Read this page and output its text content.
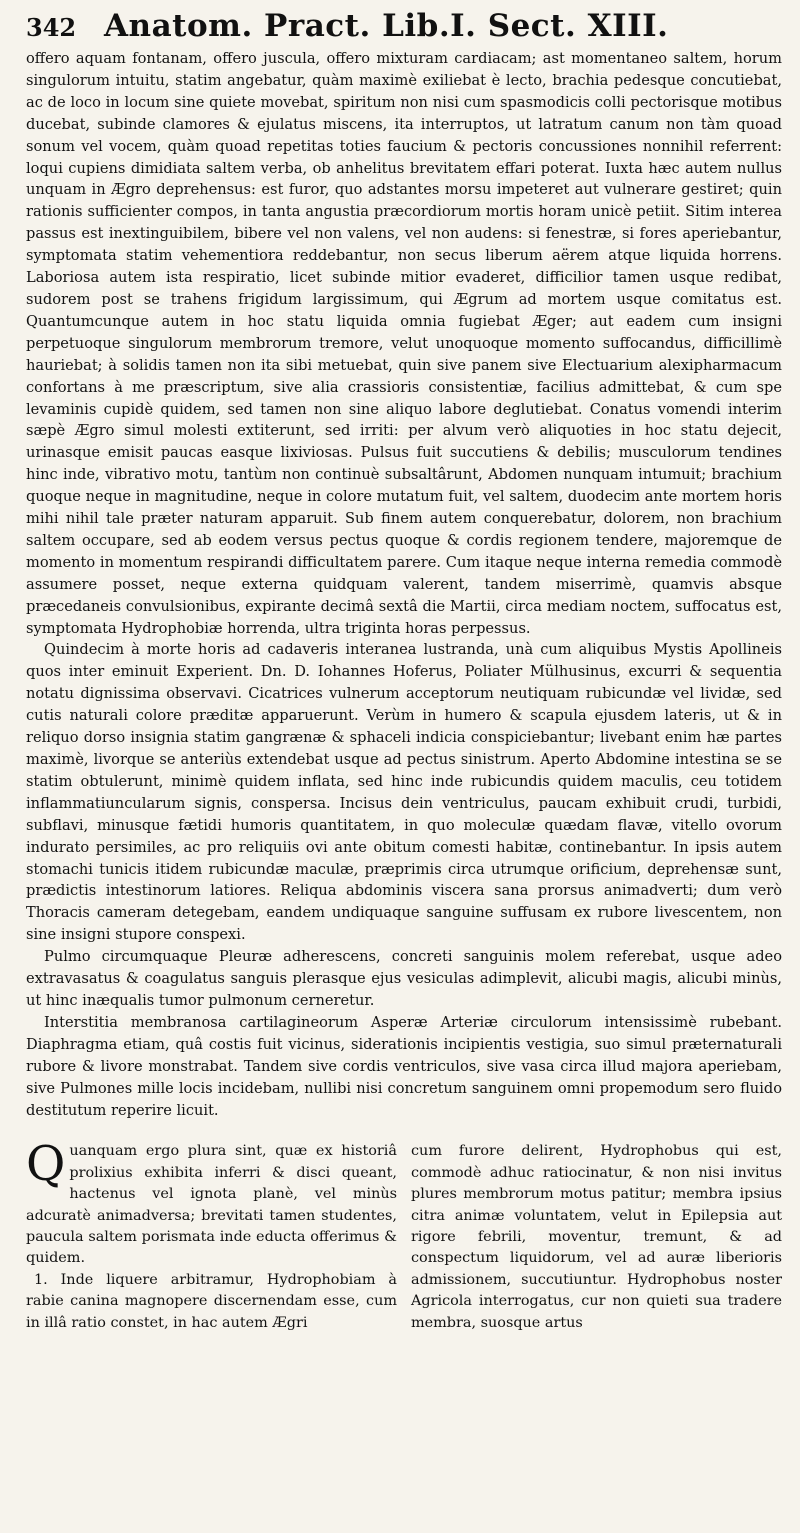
342 Anatom. Pract. Lib.I. Sect. XIII.

offero aquam fontanam, offero juscula, offero mixturam cardiacam; ast momentaneo saltem, horum singulorum intuitu, statim angebatur, quàm maximè exiliebat è lecto, brachia pedesque concutiebat, ac de loco in locum sine quiete movebat, spiritum non nisi cum spasmodicis colli pectorisque motibus ducebat, subinde clamores & ejulatus miscens, ita interruptos, ut latratum canum non tàm quoad sonum vel vocem, quàm quoad repetitas toties faucium & pectoris concussiones nonnihil referrent: loqui cupiens dimidiata saltem verba, ob anhelitus brevitatem effari poterat. Iuxta hæc autem nullus unquam in Ægro deprehensus: est furor, quo adstantes morsu impeteret aut vulnerare gestiret; quin rationis sufficienter compos, in tanta angustia præcordiorum mortis horam unicè petiit. Sitim interea passus est inextinguibilem, bibere vel non valens, vel non audens: si fenestræ, si fores aperiebantur, symptomata statim vehementiora reddebantur, non secus liberum aërem atque liquida horrens. Laboriosa autem ista respiratio, licet subinde mitior evaderet, difficilior tamen usque redibat, sudorem post se trahens frigidum largissimum, qui Ægrum ad mortem usque comitatus est. Quantumcunque autem in hoc statu liquida omnia fugiebat Æger; aut eadem cum insigni perpetuoque singulorum membrorum tremore, velut unoquoque momento suffocandus, difficillimè hauriebat; à solidis tamen non ita sibi metuebat, quin sive panem sive Electuarium alexipharmacum confortans à me præscriptum, sive alia crassioris consistentiæ, facilius admittebat, & cum spe levaminis cupidè quidem, sed tamen non sine aliquo labore deglutiebat. Conatus vomendi interim sæpè Ægro simul molesti extiterunt, sed irriti: per alvum verò aliquoties in hoc statu dejecit, urinasque emisit paucas easque lixiviosas. Pulsus fuit succutiens & debilis; musculorum tendines hinc inde, vibrativo motu, tantùm non continuè subsaltârunt, Abdomen nunquam intumuit; brachium quoque neque in magnitudine, neque in colore mutatum fuit, vel saltem, duodecim ante mortem horis mihi nihil tale præter naturam apparuit. Sub finem autem conquerebatur, dolorem, non brachium saltem occupare, sed ab eodem versus pectus quoque & cordis regionem tendere, majoremque de momento in momentum respirandi difficultatem parere. Cum itaque neque interna remedia commodè assumere posset, neque externa quidquam valerent, tandem miserrimè, quamvis absque præcedaneis convulsionibus, expirante decimâ sextâ die Martii, circa mediam noctem, suffocatus est, symptomata Hydrophobiæ horrenda, ultra triginta horas perpessus.

Quindecim à morte horis ad cadaveris interanea lustranda, unà cum aliquibus Mystis Apollineis quos inter eminuit Experient. Dn. D. Iohannes Hoferus, Poliater Mülhusinus, excurri & sequentia notatu dignissima observavi. Cicatrices vulnerum acceptorum neutiquam rubicundæ vel lividæ, sed cutis naturali colore præditæ apparuerunt. Verùm in humero & scapula ejusdem lateris, ut & in reliquo dorso insignia statim gangrænæ & sphaceli indicia conspiciebantur; livebant enim hæ partes maximè, livorque se anteriùs extendebat usque ad pectus sinistrum. Aperto Abdomine intestina se se statim obtulerunt, minimè quidem inflata, sed hinc inde rubicundis quidem maculis, ceu totidem inflammatiuncularum signis, conspersa. Incisus dein ventriculus, paucam exhibuit crudi, turbidi, subflavi, minusque fætidi humoris quantitatem, in quo moleculæ quædam flavæ, vitello ovorum indurato persimiles, ac pro reliquiis ovi ante obitum comesti habitæ, continebantur. In ipsis autem stomachi tunicis itidem rubicundæ maculæ, præprimis circa utrumque orificium, deprehensæ sunt, prædictis intestinorum latiores. Reliqua abdominis viscera sana prorsus animadverti; dum verò Thoracis cameram detegebam, eandem undiquaque sanguine suffusam ex rubore livescentem, non sine insigni stupore conspexi.

Pulmo circumquaque Pleuræ adherescens, concreti sanguinis molem referebat, usque adeo extravasatus & coagulatus sanguis plerasque ejus vesiculas adimplevit, alicubi magis, alicubi minùs, ut hinc inæqualis tumor pulmonum cerneretur.

Interstitia membranosa cartilagineorum Asperæ Arteriæ circulorum intensissimè rubebant. Diaphragma etiam, quâ costis fuit vicinus, siderationis incipientis vestigia, suo simul præternaturali rubore & livore monstrabat. Tandem sive cordis ventriculos, sive vasa circa illud majora aperiebam, sive Pulmones mille locis incidebam, nullibi nisi concretum sanguinem omni propemodum sero fluido destitutum reperire licuit.

Quanquam ergo plura sint, quæ ex historiâ prolixius exhibita inferri & disci queant, hactenus vel ignota planè, vel minùs adcuratè animadversa; brevitati tamen studentes, paucula saltem porismata inde educta offerimus & quidem.

1. Inde liquere arbitramur, Hydrophobiam à rabie canina magnopere discernendam esse, cum in illâ ratio constet, in hac autem Ægri

cum furore delirent, Hydrophobus qui est, commodè adhuc ratiocinatur, & non nisi invitus plures membrorum motus patitur; membra ipsius citra animæ voluntatem, velut in Epilepsia aut rigore febrili, moventur, tremunt, & ad conspectum liquidorum, vel ad auræ liberioris admissionem, succutiuntur. Hydrophobus noster Agricola interrogatus, cur non quieti sua tradere membra, suosque artus
